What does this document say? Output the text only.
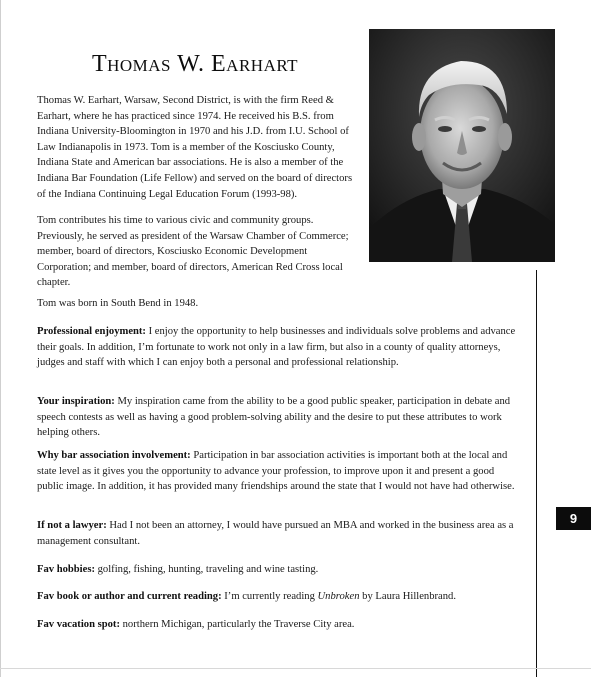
9
Thomas W. Earhart

Thomas W. Earhart, Warsaw, Second District, is with the firm Reed & Earhart, where he has practiced since 1974. He received his B.S. from Indiana University-Bloomington in 1970 and his J.D. from I.U. School of Law Indianapolis in 1973. Tom is a member of the Kosciusko County, Indiana State and American bar associations. He is also a member of the Indiana Bar Foundation (Life Fellow) and served on the board of directors of the Indiana Continuing Legal Education Forum (1993-98).

Tom contributes his time to various civic and community groups. Previously, he served as president of the Warsaw Chamber of Commerce; member, board of directors, Kosciusko Economic Development Corporation; and member, board of directors, American Red Cross local chapter.

Tom was born in South Bend in 1948.

Professional enjoyment: I enjoy the opportunity to help businesses and individuals solve problems and advance their goals. In addition, I’m fortunate to work not only in a law firm, but also in a county of quality attorneys, judges and staff with which I can enjoy both a personal and professional relationship.

Your inspiration: My inspiration came from the ability to be a good public speaker, participation in debate and speech contests as well as having a good problem-solving ability and the desire to put these attributes to work helping others.

Why bar association involvement: Participation in bar association activities is important both at the local and state level as it gives you the opportunity to advance your profession, to improve upon it and present a good public image. In addition, it has provided many friendships around the state that I would not have had otherwise.

If not a lawyer: Had I not been an attorney, I would have pursued an MBA and worked in the business area as a management consultant.

Fav hobbies: golfing, fishing, hunting, traveling and wine tasting.

Fav book or author and current reading: I’m currently reading Unbroken by Laura Hillenbrand.

Fav vacation spot: northern Michigan, particularly the Traverse City area.
